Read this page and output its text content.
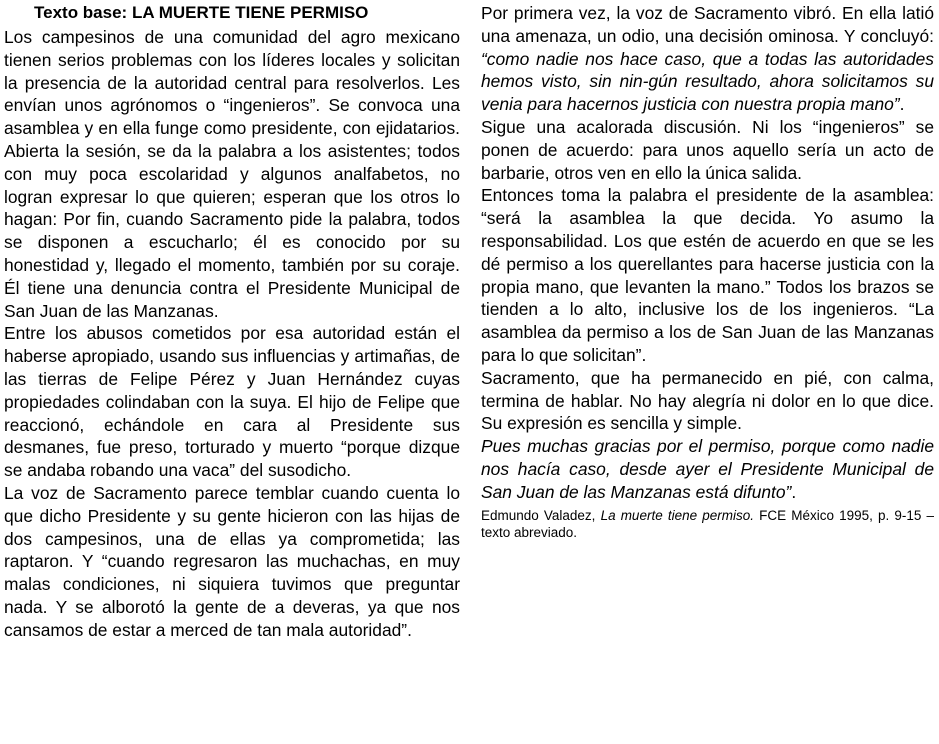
Texto base: LA MUERTE TIENE PERMISO

Los campesinos de una comunidad del agro mexicano tienen serios problemas con los líderes locales y solicitan la presencia de la autoridad central para resolverlos. Les envían unos agrónomos o “ingenieros”. Se convoca una asamblea y en ella funge como presidente, con ejidatarios. Abierta la sesión, se da la palabra a los asistentes; todos con muy poca escolaridad y algunos analfabetos, no logran expresar lo que quieren; esperan que los otros lo hagan: Por fin, cuando Sacramento pide la palabra, todos se disponen a escucharlo; él es conocido por su honestidad y, llegado el momento, también por su coraje. Él tiene una denuncia contra el Presidente Municipal de San Juan de las Manzanas.

Entre los abusos cometidos por esa autoridad están el haberse apropiado, usando sus influencias y artimañas, de las tierras de Felipe Pérez y Juan Hernández cuyas propiedades colindaban con la suya. El hijo de Felipe que reaccionó, echándole en cara al Presidente sus desmanes, fue preso, torturado y muerto “porque dizque se andaba robando una vaca” del susodicho.

La voz de Sacramento parece temblar cuando cuenta lo que dicho Presidente y su gente hicieron con las hijas de dos campesinos, una de ellas ya comprometida; las raptaron. Y “cuando regresaron las muchachas, en muy malas condiciones, ni siquiera tuvimos que preguntar nada. Y se alborotó la gente de a deveras, ya que nos cansamos de estar a merced de tan mala autoridad”.

Por primera vez, la voz de Sacramento vibró. En ella latió una amenaza, un odio, una decisión ominosa. Y concluyó: “como nadie nos hace caso, que a todas las autoridades hemos visto, sin nin-gún resultado, ahora solicitamos su venia para hacernos justicia con nuestra propia mano”.

Sigue una acalorada discusión. Ni los “ingenieros” se ponen de acuerdo: para unos aquello sería un acto de barbarie, otros ven en ello la única salida.

Entonces toma la palabra el presidente de la asamblea: “será la asamblea la que decida. Yo asumo la responsabilidad. Los que estén de acuerdo en que se les dé permiso a los querellantes para hacerse justicia con la propia mano, que levanten la mano.” Todos los brazos se tienden a lo alto, inclusive los de los ingenieros. “La asamblea da permiso a los de San Juan de las Manzanas para lo que solicitan”.

Sacramento, que ha permanecido en pié, con calma, termina de hablar. No hay alegría ni dolor en lo que dice. Su expresión es sencilla y simple.

Pues muchas gracias por el permiso, porque como nadie nos hacía caso, desde ayer el Presidente Municipal de San Juan de las Manzanas está difunto”.

Edmundo Valadez, La muerte tiene permiso. FCE México 1995, p. 9-15 – texto abreviado.
